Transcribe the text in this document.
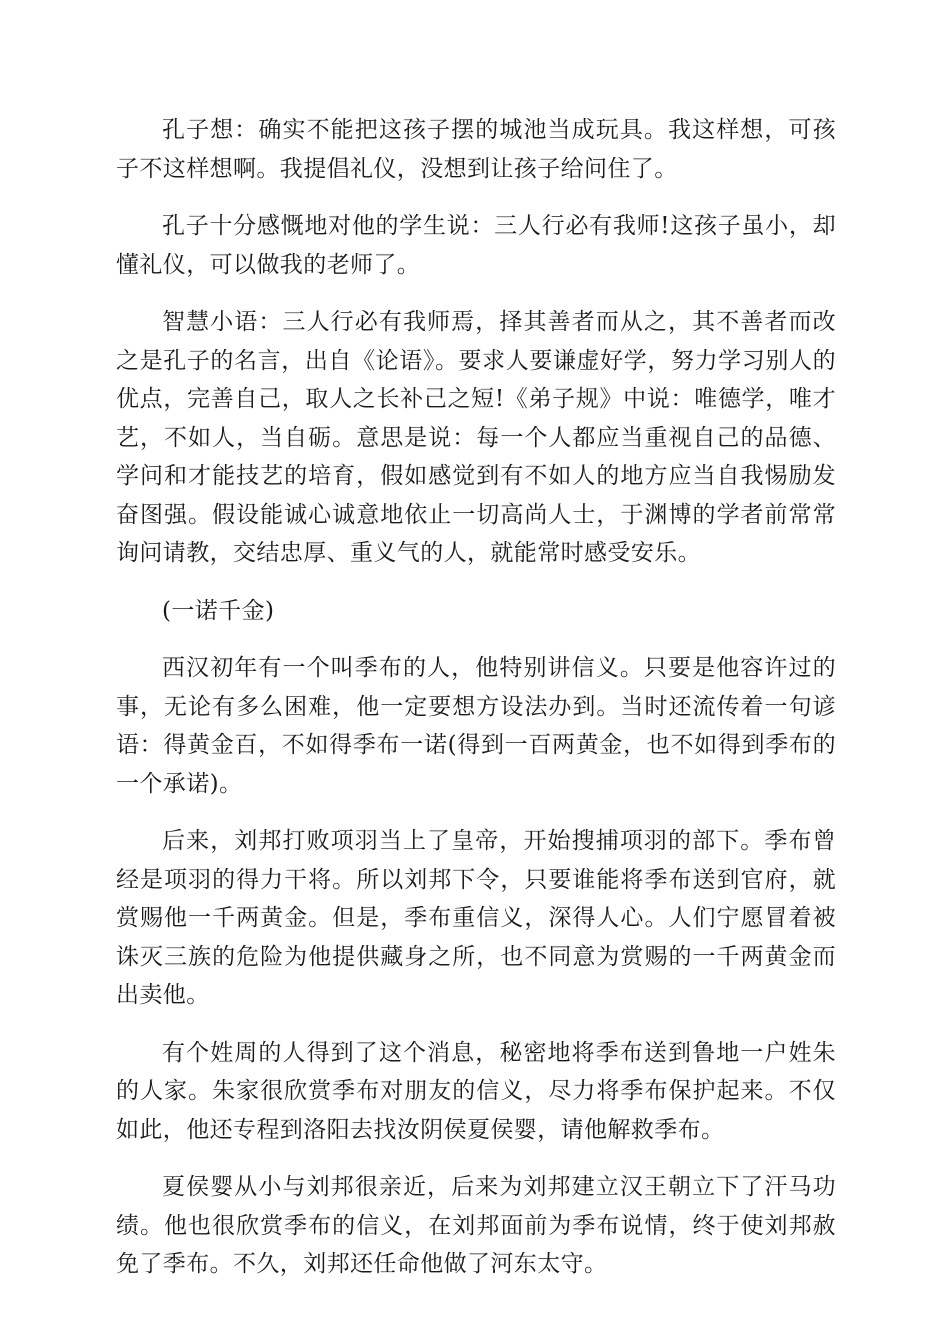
孔子想：确实不能把这孩子摆的城池当成玩具。我这样想，可孩子不这样想啊。我提倡礼仪，没想到让孩子给问住了。

孔子十分感慨地对他的学生说：三人行必有我师!这孩子虽小，却懂礼仪，可以做我的老师了。

智慧小语：三人行必有我师焉，择其善者而从之，其不善者而改之是孔子的名言，出自《论语》。要求人要谦虚好学，努力学习别人的优点，完善自己，取人之长补己之短!《弟子规》中说：唯德学，唯才艺，不如人，当自砺。意思是说：每一个人都应当重视自己的品德、学问和才能技艺的培育，假如感觉到有不如人的地方应当自我惕励发奋图强。假设能诚心诚意地依止一切高尚人士，于渊博的学者前常常询问请教，交结忠厚、重义气的人，就能常时感受安乐。

(一诺千金)

西汉初年有一个叫季布的人，他特别讲信义。只要是他容许过的事，无论有多么困难，他一定要想方设法办到。当时还流传着一句谚语：得黄金百，不如得季布一诺(得到一百两黄金，也不如得到季布的一个承诺)。

后来，刘邦打败项羽当上了皇帝，开始搜捕项羽的部下。季布曾经是项羽的得力干将。所以刘邦下令，只要谁能将季布送到官府，就赏赐他一千两黄金。但是，季布重信义，深得人心。人们宁愿冒着被诛灭三族的危险为他提供藏身之所，也不同意为赏赐的一千两黄金而出卖他。

有个姓周的人得到了这个消息，秘密地将季布送到鲁地一户姓朱的人家。朱家很欣赏季布对朋友的信义，尽力将季布保护起来。不仅如此，他还专程到洛阳去找汝阴侯夏侯婴，请他解救季布。

夏侯婴从小与刘邦很亲近，后来为刘邦建立汉王朝立下了汗马功绩。他也很欣赏季布的信义，在刘邦面前为季布说情，终于使刘邦赦免了季布。不久，刘邦还任命他做了河东太守。
